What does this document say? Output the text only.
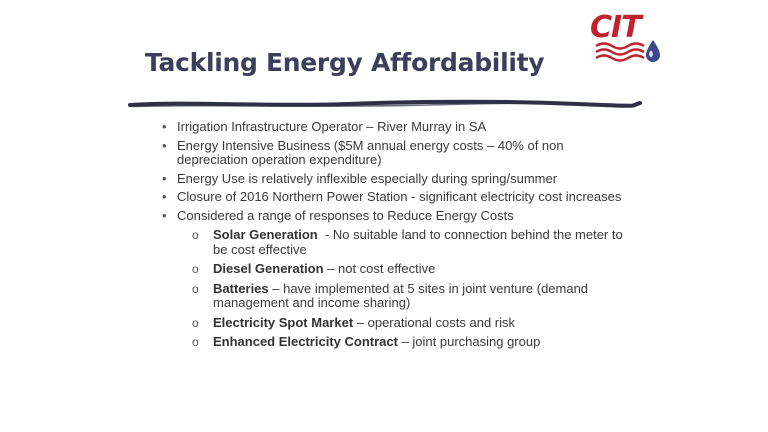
CIT
Tackling Energy Affordability
• Irrigation Infrastructure Operator – River Murray in SA
• Energy Intensive Business ($5M annual energy costs – 40% of non depreciation operation expenditure)
• Energy Use is relatively inflexible especially during spring/summer
• Closure of 2016 Northern Power Station - significant electricity cost increases
• Considered a range of responses to Reduce Energy Costs
o Solar Generation  - No suitable land to connection behind the meter to be cost effective
o Diesel Generation – not cost effective
o Batteries – have implemented at 5 sites in joint venture (demand management and income sharing)
o Electricity Spot Market – operational costs and risk
o Enhanced Electricity Contract – joint purchasing group
